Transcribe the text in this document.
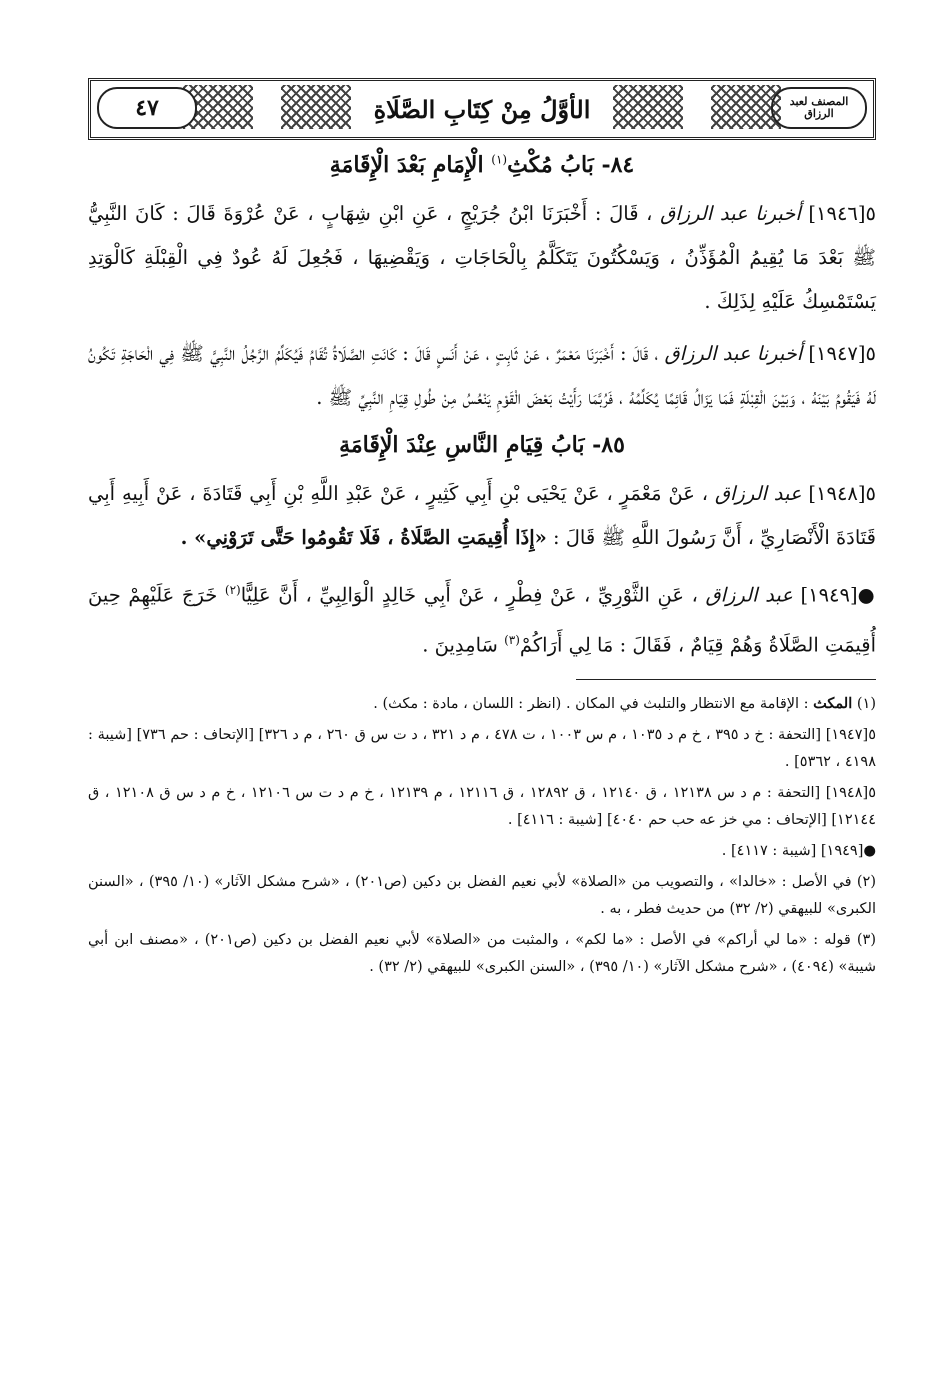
المصنف لعبد الرزاق
الأوَّلُ مِنْ كِتَابِ الصَّلَاةِ
٤٧
٨٤- بَابُ مُكْثِ$^{(١)}$ الْإِمَامِ بَعْدَ الْإِقَامَةِ

٥[١٩٤٦] أخبرنا عبد الرزاق ، قَالَ : أَخْبَرَنَا ابْنُ جُرَيْجٍ ، عَنِ ابْنِ شِهَابٍ ، عَنْ عُرْوَةَ قَالَ : كَانَ النَّبِيُّ ﷺ بَعْدَ مَا يُقِيمُ الْمُؤَذِّنُ ، وَيَسْكُتُونَ يَتَكَلَّمُ بِالْحَاجَاتِ ، وَيَقْضِيهَا ، فَجُعِلَ لَهُ عُودٌ فِي الْقِبْلَةِ كَالْوَتِدِ يَسْتَمْسِكُ عَلَيْهِ لِذَلِكَ .

٥[١٩٤٧] أخبرنا عبد الرزاق ، قَالَ : أَخْبَرَنَا مَعْمَرٌ ، عَنْ ثَابِتٍ ، عَنْ أَنَسٍ قَالَ : كَانَتِ الصَّلَاةُ تُقَامُ فَيُكَلِّمُ الرَّجُلُ النَّبِيَّ ﷺ فِي الْحَاجَةِ تَكُونُ لَهُ فَيَقُومُ بَيْنَهُ ، وَبَيْنَ الْقِبْلَةِ فَمَا يَزَالُ قَائِمًا يُكَلِّمُهُ ، فَرُبَّمَا رَأَيْتُ بَعْضَ الْقَوْمِ يَنْعُسُ مِنْ طُولِ قِيَامِ النَّبِيِّ ﷺ .

٨٥- بَابُ قِيَامِ النَّاسِ عِنْدَ الْإِقَامَةِ

٥[١٩٤٨] عبد الرزاق ، عَنْ مَعْمَرٍ ، عَنْ يَحْيَى بْنِ أَبِي كَثِيرٍ ، عَنْ عَبْدِ اللَّهِ بْنِ أَبِي قَتَادَةَ ، عَنْ أَبِيهِ أَبِي قَتَادَةَ الْأَنْصَارِيِّ ، أَنَّ رَسُولَ اللَّهِ ﷺ قَالَ : «إِذَا أُقِيمَتِ الصَّلَاةُ ، فَلَا تَقُومُوا حَتَّى تَرَوْنِي» .

●[١٩٤٩] عبد الرزاق ، عَنِ الثَّوْرِيِّ ، عَنْ فِطْرٍ ، عَنْ أَبِي خَالِدٍ الْوَالِبِيِّ ، أَنَّ عَلِيًّا$^{(٢)}$ خَرَجَ عَلَيْهِمْ حِينَ أُقِيمَتِ الصَّلَاةُ وَهُمْ قِيَامٌ ، فَقَالَ : مَا لِي أَرَاكُمْ$^{(٣)}$ سَامِدِينَ .

(١) المكث : الإقامة مع الانتظار والتلبث في المكان . (انظر : اللسان ، مادة : مكث) .

٥[١٩٤٧] [التحفة : خ د ٣٩٥ ، خ م د ١٠٣٥ ، م س ١٠٠٣ ، ت ٤٧٨ ، م د ٣٢١ ، د ت س ق ٢٦٠ ، م د ٣٢٦] [الإتحاف : حم ٧٣٦] [شيبة : ٤١٩٨ ، ٥٣٦٢] .

٥[١٩٤٨] [التحفة : م د س ١٢١٣٨ ، ق ١٢١٤٠ ، ق ١٢٨٩٢ ، ق ١٢١١٦ ، م ١٢١٣٩ ، خ م د ت س ١٢١٠٦ ، خ م د س ق ١٢١٠٨ ، ق ١٢١٤٤] [الإتحاف : مي خز عه حب حم ٤٠٤٠] [شيبة : ٤١١٦] .

●[١٩٤٩] [شيبة : ٤١١٧] .

(٢) في الأصل : «خالدا» ، والتصويب من «الصلاة» لأبي نعيم الفضل بن دكين (ص٢٠١) ، «شرح مشكل الآثار» (١٠/ ٣٩٥) ، «السنن الكبرى» للبيهقي (٢/ ٣٢) من حديث فطر ، به .

(٣) قوله : «ما لي أراكم» في الأصل : «ما لكم» ، والمثبت من «الصلاة» لأبي نعيم الفضل بن دكين (ص٢٠١) ، «مصنف ابن أبي شيبة» (٤٠٩٤) ، «شرح مشكل الآثار» (١٠/ ٣٩٥) ، «السنن الكبرى» للبيهقي (٢/ ٣٢) .
